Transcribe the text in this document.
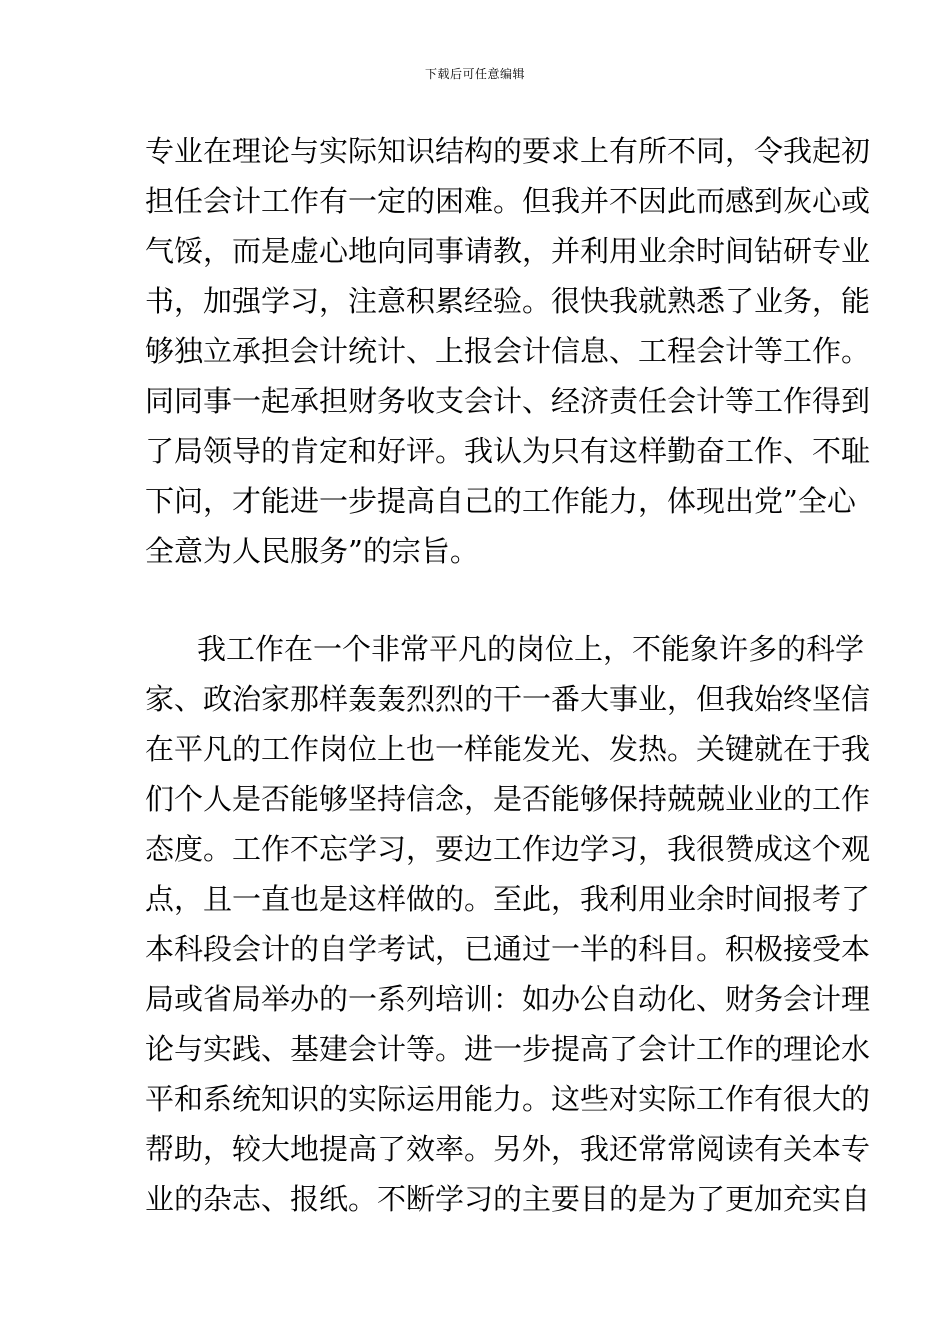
下载后可任意编辑
专业在理论与实际知识结构的要求上有所不同，令我起初
担任会计工作有一定的困难。但我并不因此而感到灰心或
气馁，而是虚心地向同事请教，并利用业余时间钻研专业
书，加强学习，注意积累经验。很快我就熟悉了业务，能
够独立承担会计统计、上报会计信息、工程会计等工作。
同同事一起承担财务收支会计、经济责任会计等工作得到
了局领导的肯定和好评。我认为只有这样勤奋工作、不耻
下问，才能进一步提高自己的工作能力，体现出党”全心
全意为人民服务”的宗旨。
我工作在一个非常平凡的岗位上，不能象许多的科学
家、政治家那样轰轰烈烈的干一番大事业，但我始终坚信
在平凡的工作岗位上也一样能发光、发热。关键就在于我
们个人是否能够坚持信念，是否能够保持兢兢业业的工作
态度。工作不忘学习，要边工作边学习，我很赞成这个观
点，且一直也是这样做的。至此，我利用业余时间报考了
本科段会计的自学考试，已通过一半的科目。积极接受本
局或省局举办的一系列培训：如办公自动化、财务会计理
论与实践、基建会计等。进一步提高了会计工作的理论水
平和系统知识的实际运用能力。这些对实际工作有很大的
帮助，较大地提高了效率。另外，我还常常阅读有关本专
业的杂志、报纸。不断学习的主要目的是为了更加充实自
